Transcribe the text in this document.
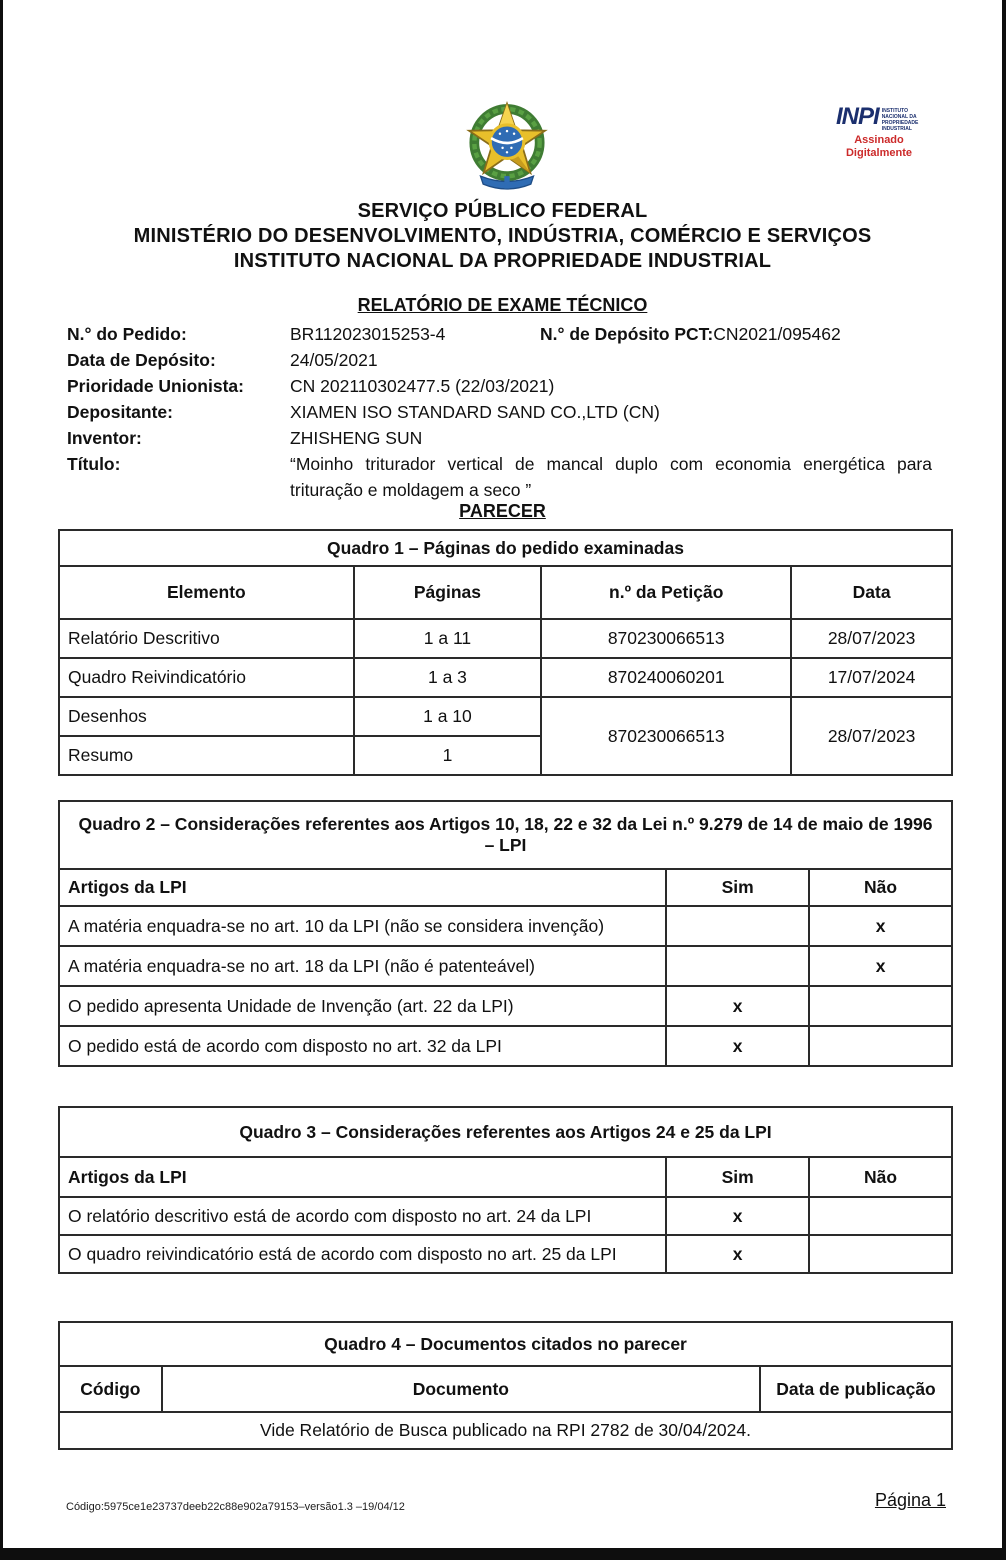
INPI INSTITUTO NACIONAL DA PROPRIEDADE INDUSTRIAL
Assinado
Digitalmente
SERVIÇO PÚBLICO FEDERAL
MINISTÉRIO DO DESENVOLVIMENTO, INDÚSTRIA, COMÉRCIO E SERVIÇOS
INSTITUTO NACIONAL DA PROPRIEDADE INDUSTRIAL
RELATÓRIO DE EXAME TÉCNICO
N.° do Pedido:	BR112023015253-4	N.° de Depósito PCT: CN2021/095462
Data de Depósito:	24/05/2021
Prioridade Unionista:	CN 202110302477.5 (22/03/2021)
Depositante:	XIAMEN ISO STANDARD SAND CO.,LTD (CN)
Inventor:	ZHISHENG SUN
Título:	“Moinho triturador vertical de mancal duplo com economia energética para trituração e moldagem a seco ”
PARECER
Quadro 1 – Páginas do pedido examinadas			
Elemento	Páginas	n.º da Petição	Data
Relatório Descritivo	1 a 11	870230066513	28/07/2023
Quadro Reivindicatório	1 a 3	870240060201	17/07/2024
Desenhos	1 a 10	870230066513	28/07/2023
Resumo	1		
Quadro 2 – Considerações referentes aos Artigos 10, 18, 22 e 32 da Lei n.º 9.279 de 14 de maio de 1996 – LPI		
Artigos da LPI	Sim	Não
A matéria enquadra-se no art. 10 da LPI (não se considera invenção)		x
A matéria enquadra-se no art. 18 da LPI (não é patenteável)		x
O pedido apresenta Unidade de Invenção (art. 22 da LPI)	x	
O pedido está de acordo com disposto no art. 32 da LPI	x	
Quadro 3 – Considerações referentes aos Artigos 24 e 25 da LPI		
Artigos da LPI	Sim	Não
O relatório descritivo está de acordo com disposto no art. 24 da LPI	x	
O quadro reivindicatório está de acordo com disposto no art. 25 da LPI	x	
Quadro 4 – Documentos citados no parecer
Código	Documento	Data de publicação
Vide Relatório de Busca publicado na RPI 2782 de 30/04/2024.
Código:5975ce1e23737deeb22c88e902a79153–versão1.3 –19/04/12	Página 1
